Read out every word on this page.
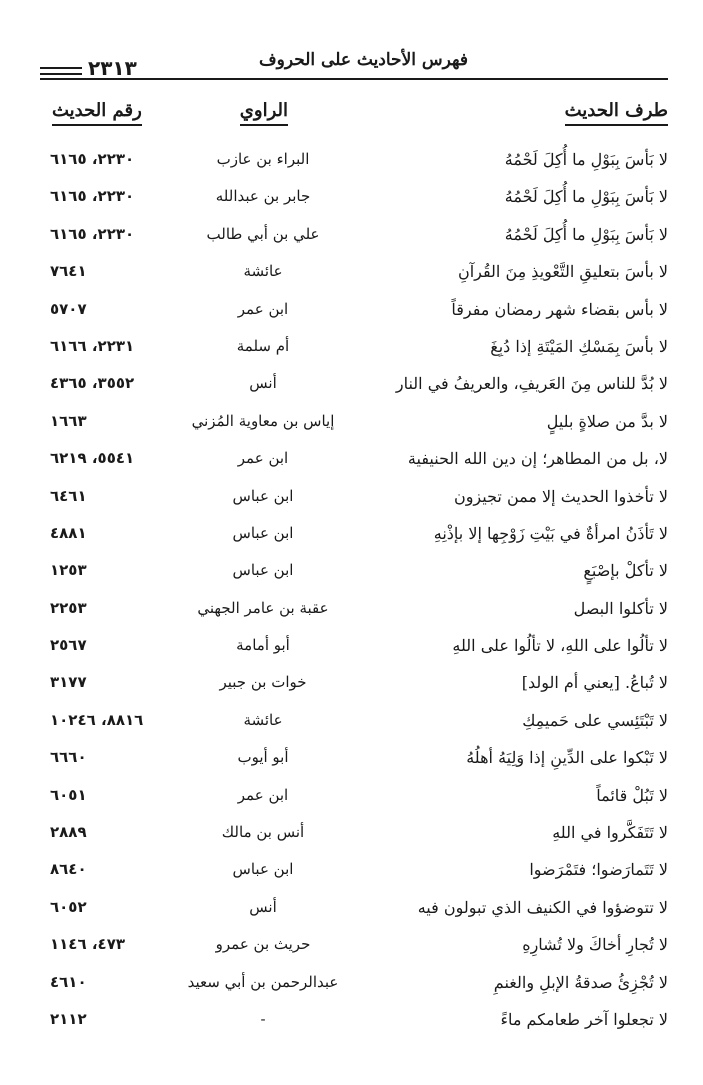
فهرس الأحاديث على الحروف
٢٣١٣
طرف الحديث
الراوي
رقم الحديث
لا بَأسَ بِبَوْلِ ما أُكِلَ لَحْمُهُ
البراء بن عازب
٢٢٣٠، ٦١٦٥
لا بَأسَ بِبَوْلِ ما أُكِلَ لَحْمُهُ
جابر بن عبدالله
٢٢٣٠، ٦١٦٥
لا بَأسَ بِبَوْلِ ما أُكِلَ لَحْمُهُ
علي بن أبي طالب
٢٢٣٠، ٦١٦٥
لا بأسَ بتعليقِ التَّعْويذِ مِنَ القُرآنِ
عائشة
٧٦٤١
لا بأس بقضاء شهر رمضان مفرقاً
ابن عمر
٥٧٠٧
لا بأسَ بِمَسْكِ المَيْتَةِ إذا دُبِغَ
أم سلمة
٢٢٣١، ٦١٦٦
لا بُدَّ للناس مِنَ العَريفِ، والعريفُ في النار
أنس
٣٥٥٢، ٤٣٦٥
لا بدَّ من صلاةٍ بليلٍ
إياس بن معاوية المُزني
١٦٦٣
لا، بل من المطاهر؛ إن دين الله الحنيفية
ابن عمر
٥٥٤١، ٦٢١٩
لا تأخذوا الحديث إلا ممن تجيزون
ابن عباس
٦٤٦١
لا تَأذَنُ امرأةٌ في بَيْتِ زَوْجِها إلا بإذْنِهِ
ابن عباس
٤٨٨١
لا تأكلْ بإصْبَعٍ
ابن عباس
١٢٥٣
لا تأكلوا البصل
عقبة بن عامر الجهني
٢٢٥٣
لا تألُوا على اللهِ، لا تألُوا على اللهِ
أبو أمامة
٢٥٦٧
لا تُباعُ. [يعني أم الولد]
خوات بن جبير
٣١٧٧
لا تَبْتَئِسي على حَميمِكِ
عائشة
٨٨١٦، ١٠٢٤٦
لا تَبْكوا على الدِّينِ إذا وَلِيَهُ أهلُهُ
أبو أيوب
٦٦٦٠
لا تَبُلْ قائماً
ابن عمر
٦٠٥١
لا تَتَفَكَّروا في اللهِ
أنس بن مالك
٢٨٨٩
لا تَتَمارَضوا؛ فتَمْرَضوا
ابن عباس
٨٦٤٠
لا تتوضؤوا في الكنيف الذي تبولون فيه
أنس
٦٠٥٢
لا تُجارِ أخاكَ ولا تُشارِهِ
حريث بن عمرو
٤٧٣، ١١٤٦
لا تُجْزِئُ صدقةُ الإبلِ والغنمِ
عبدالرحمن بن أبي سعيد
٤٦١٠
لا تجعلوا آخر طعامكم ماءً
-
٢١١٢
